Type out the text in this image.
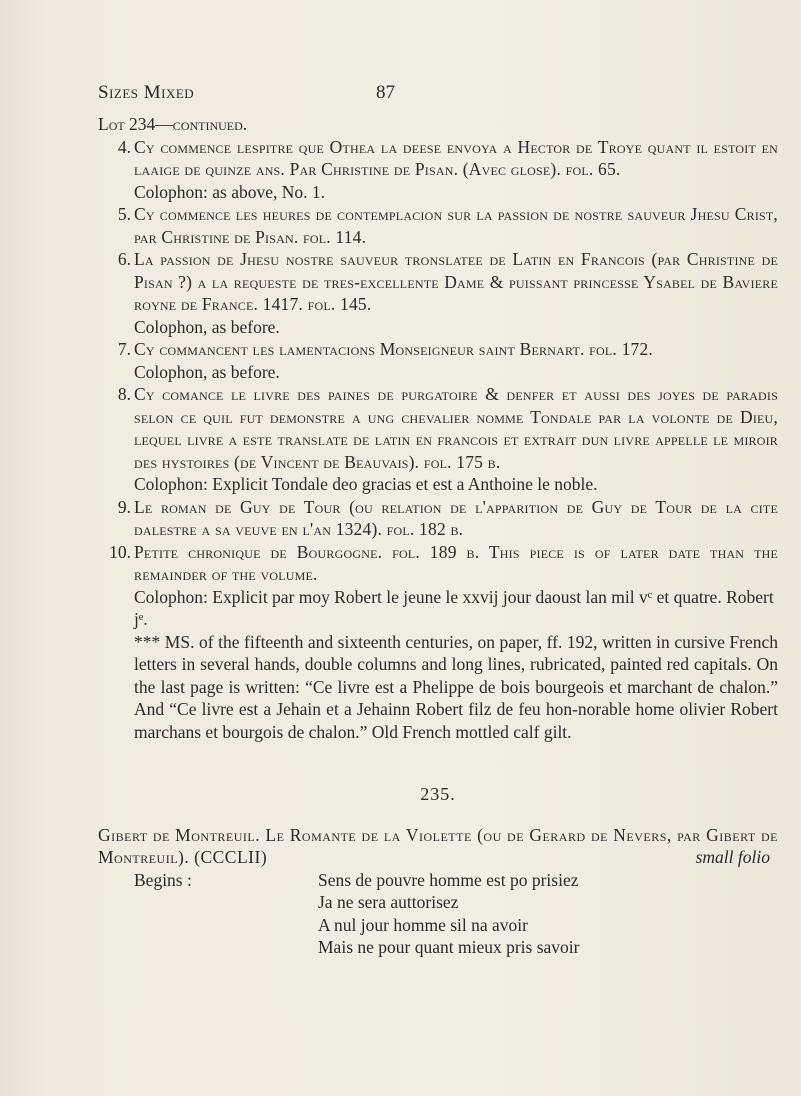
Sizes Mixed	87
Lot 234—continued.
4. Cy commence lespitre que Othea la deese envoya a Hector de Troye quant il estoit en laaige de quinze ans. Par Christine de Pisan. (Avec glose). fol. 65.
Colophon: as above, No. 1.
5. Cy commence les heures de contemplacion sur la passion de nostre sauveur Jhesu Crist, par Christine de Pisan. fol. 114.
6. La passion de Jhesu nostre sauveur tronslatee de Latin en Francois (par Christine de Pisan ?) a la requeste de tres-excellente Dame & puissant princesse Ysabel de Baviere royne de France. 1417. fol. 145.
Colophon, as before.
7. Cy commancent les lamentacions Monseigneur saint Bernart. fol. 172.
Colophon, as before.
8. Cy comance le livre des paines de purgatoire & denfer et aussi des joyes de paradis selon ce quil fut demonstre a ung chevalier nomme Tondale par la volonte de Dieu, lequel livre a este translate de latin en francois et extrait dun livre appelle le miroir des hystoires (de Vincent de Beauvais). fol. 175 b.
Colophon: Explicit Tondale deo gracias et est a Anthoine le noble.
9. Le roman de Guy de Tour (ou relation de l'apparition de Guy de Tour de la cite dalestre a sa veuve en l'an 1324). fol. 182 b.
10. Petite chronique de Bourgogne. fol. 189 b. This piece is of later date than the remainder of the volume.
Colophon: Explicit par moy Robert le jeune le xxvij jour daoust lan mil vᶜ et quatre. Robert jᵉ.
*** MS. of the fifteenth and sixteenth centuries, on paper, ff. 192, written in cursive French letters in several hands, double columns and long lines, rubricated, painted red capitals. On the last page is written: “Ce livre est a Phelippe de bois bourgeois et marchant de chalon.” And “Ce livre est a Jehain et a Jehainn Robert filz de feu hon-norable home olivier Robert marchans et bourgois de chalon.” Old French mottled calf gilt.
235.
Gibert de Montreuil. Le Romante de la Violette (ou de Gerard de Nevers, par Gibert de Montreuil). (CCCLII)	small folio
Begins :	Sens de pouvre homme est po prisiez
Ja ne sera auttorisez
A nul jour homme sil na avoir
Mais ne pour quant mieux pris savoir
